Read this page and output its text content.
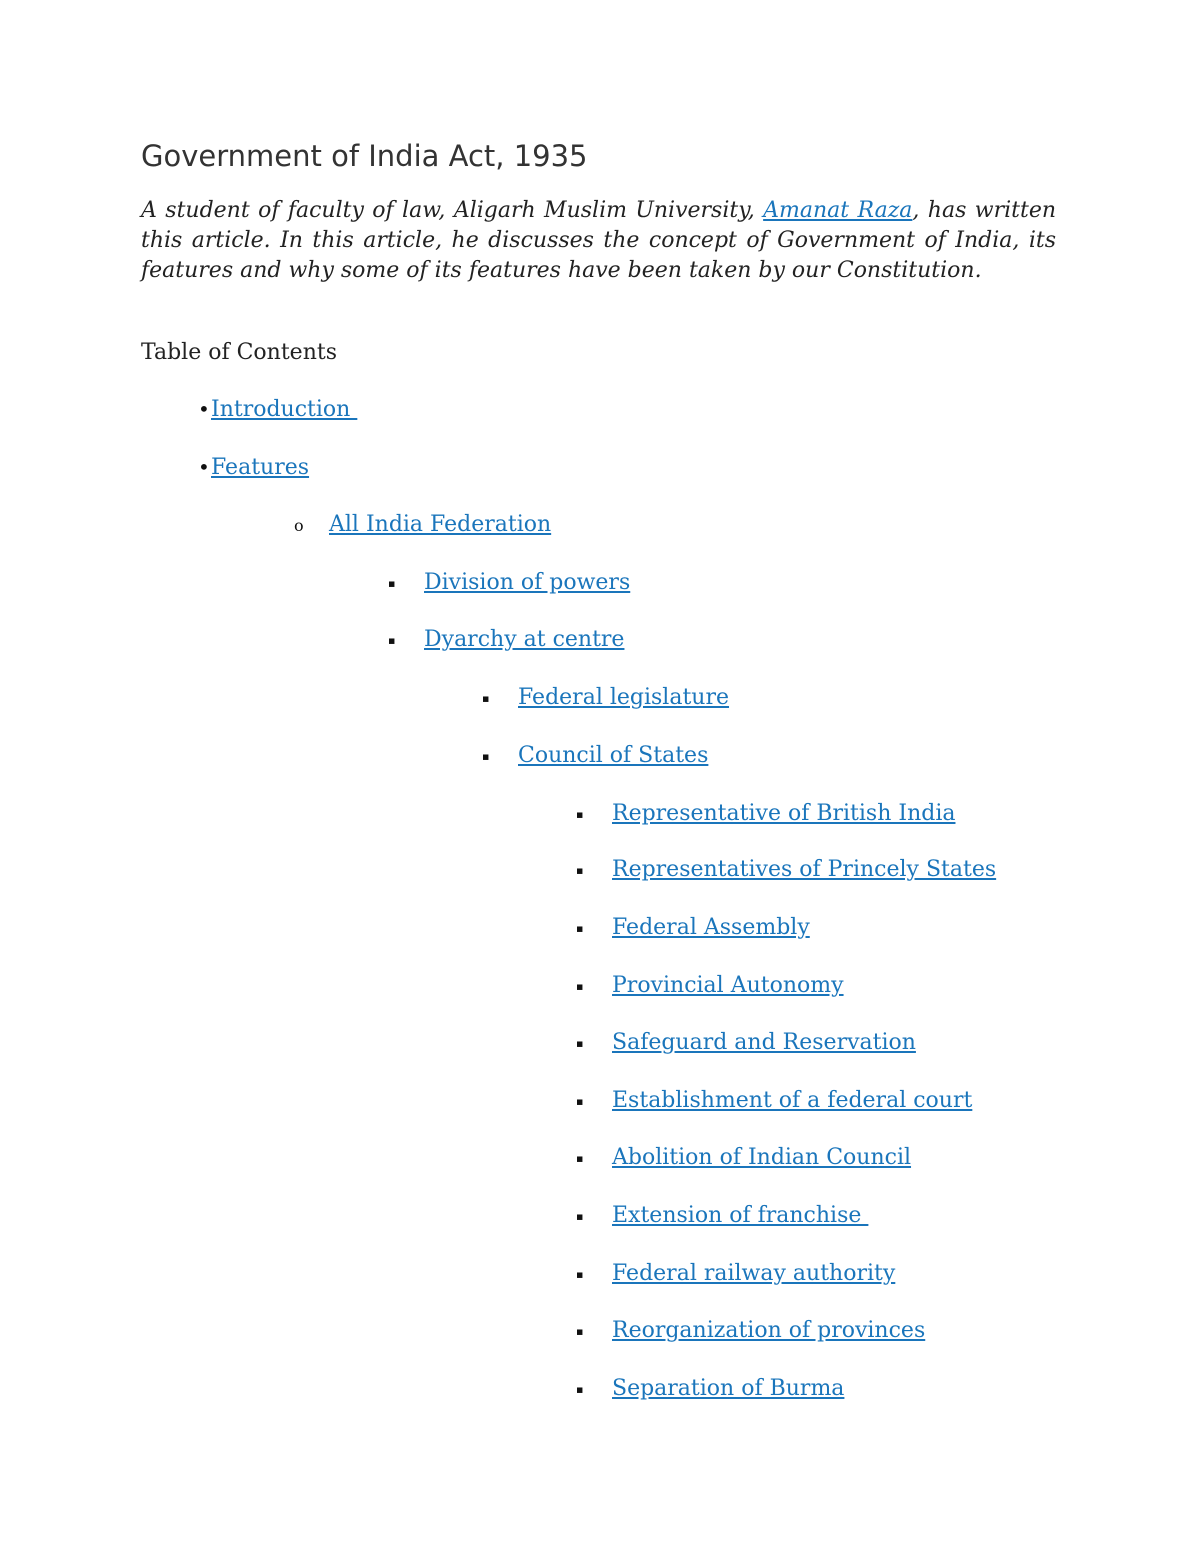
Government of India Act, 1935

A student of faculty of law, Aligarh Muslim University, Amanat Raza, has written this article. In this article, he discusses the concept of Government of India, its features and why some of its features have been taken by our Constitution.

Table of Contents

• Introduction
• Features
o All India Federation
▪ Division of powers
▪ Dyarchy at centre
▪ Federal legislature
▪ Council of States
▪ Representative of British India
▪ Representatives of Princely States
▪ Federal Assembly
▪ Provincial Autonomy
▪ Safeguard and Reservation
▪ Establishment of a federal court
▪ Abolition of Indian Council
▪ Extension of franchise
▪ Federal railway authority
▪ Reorganization of provinces
▪ Separation of Burma
